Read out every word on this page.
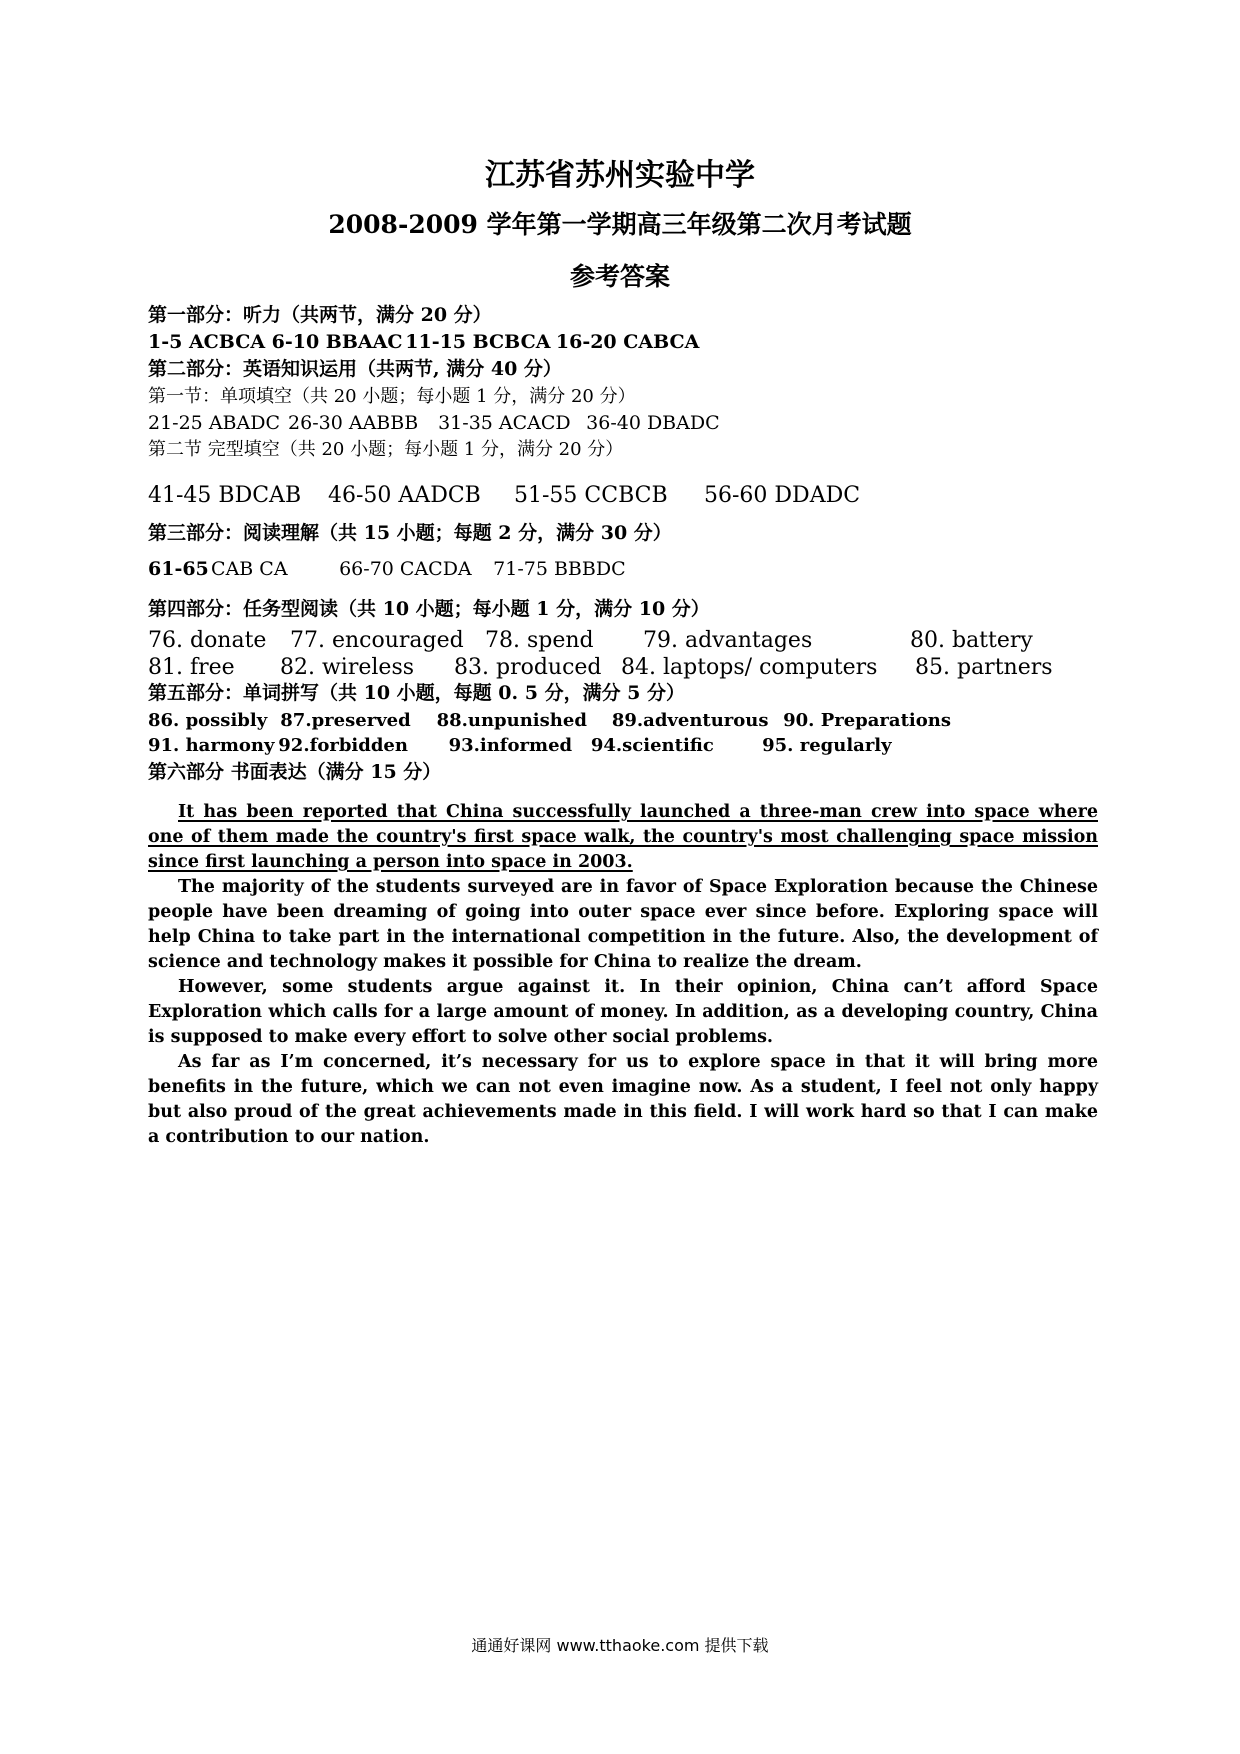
江苏省苏州实验中学
2008-2009 学年第一学期高三年级第二次月考试题
参考答案
第一部分：听力（共两节，满分 20 分）
1-5 ACBCA 6-10 BBAAC 11-15 BCBCA 16-20 CABCA
第二部分：英语知识运用（共两节, 满分 40 分）
第一节：单项填空（共 20 小题；每小题 1 分，满分 20 分）
21-25 ABADC 26-30 AABBB 31-35 ACACD 36-40 DBADC
第二节 完型填空（共 20 小题；每小题 1 分，满分 20 分）
41-45 BDCAB 46-50 AADCB 51-55 CCBCB 56-60 DDADC
第三部分：阅读理解（共 15 小题；每题 2 分，满分 30 分）
61-65 CAB CA	66-70 CACDA 71-75 BBBDC
第四部分：任务型阅读（共 10 小题；每小题 1 分，满分 10 分）
76. donate 77. encouraged 78. spend 79. advantages	80. battery
81. free 82. wireless 83. produced 84. laptops/ computers 85. partners
第五部分：单词拼写（共 10 小题，每题 0. 5 分，满分 5 分）
86. possibly 87.preserved 88.unpunished 89.adventurous 90. Preparations
91. harmony 92.forbidden 93.informed 94.scientific	95. regularly
第六部分 书面表达（满分 15 分）

It has been reported that China successfully launched a three-man crew into space where one of them made the country's first space walk, the country's most challenging space mission since first launching a person into space in 2003.

The majority of the students surveyed are in favor of Space Exploration because the Chinese people have been dreaming of going into outer space ever since before. Exploring space will help China to take part in the international competition in the future. Also, the development of science and technology makes it possible for China to realize the dream.

However, some students argue against it. In their opinion, China can’t afford Space Exploration which calls for a large amount of money. In addition, as a developing country, China is supposed to make every effort to solve other social problems.

As far as I’m concerned, it’s necessary for us to explore space in that it will bring more benefits in the future, which we can not even imagine now. As a student, I feel not only happy but also proud of the great achievements made in this field. I will work hard so that I can make a contribution to our nation.

通通好课网 www.tthaoke.com 提供下载
